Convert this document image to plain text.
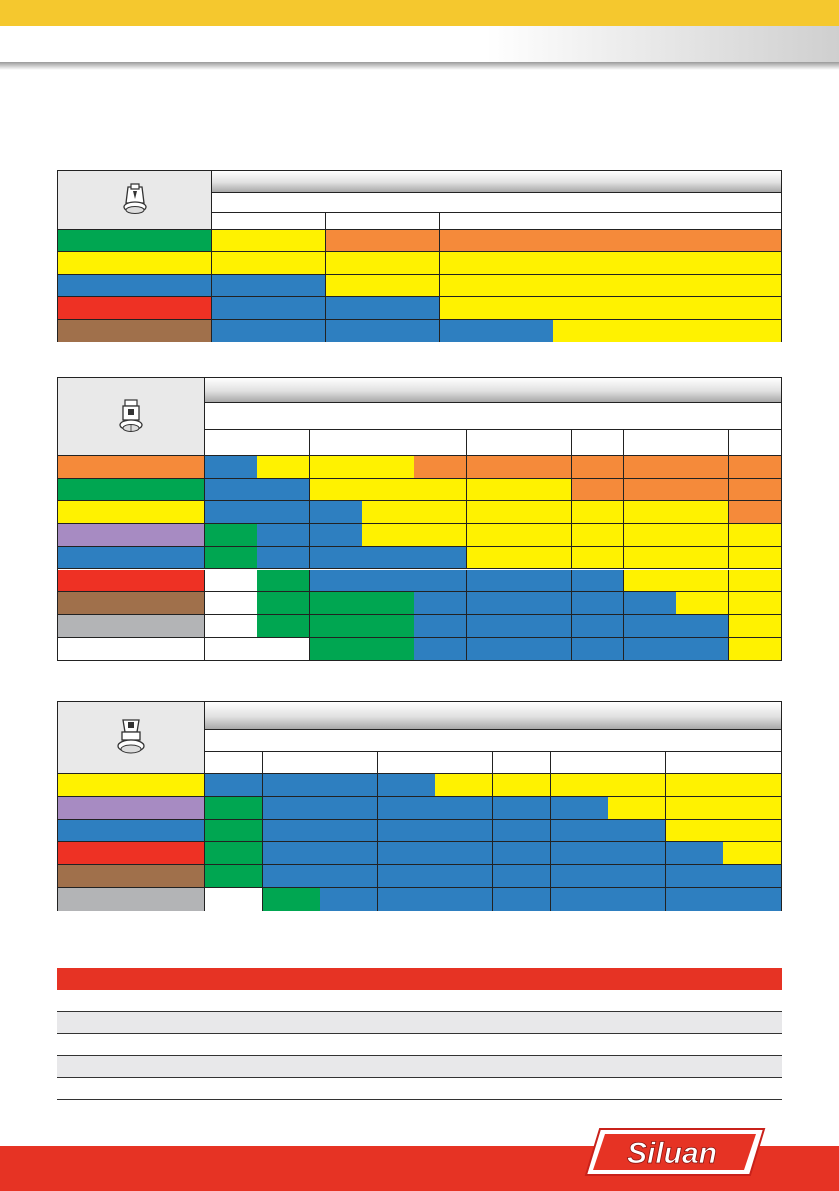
Siluan
